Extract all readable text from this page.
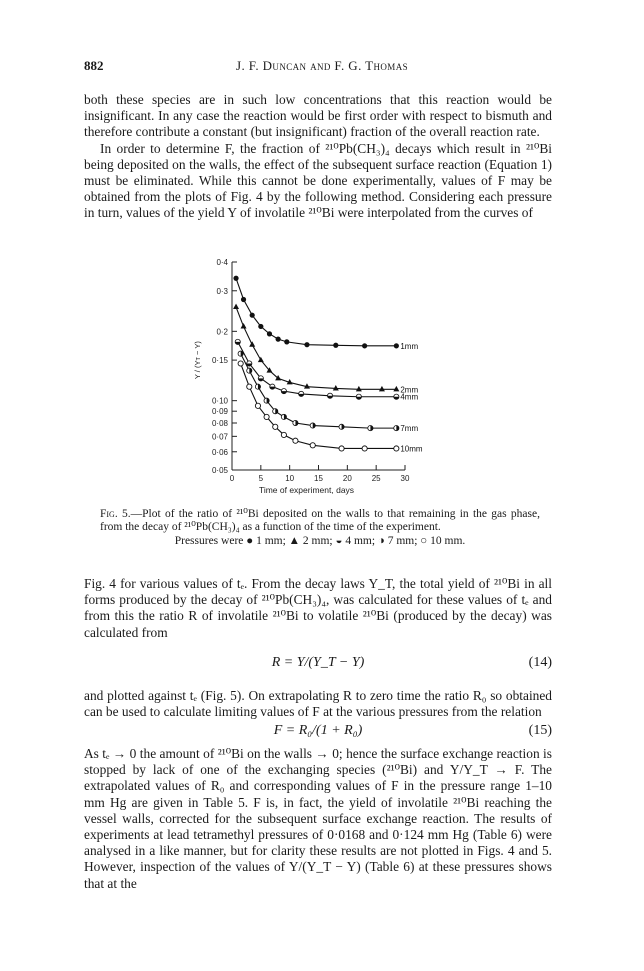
882	J. F. Duncan and F. G. Thomas

both these species are in such low concentrations that this reaction would be insignificant. In any case the reaction would be first order with respect to bismuth and therefore contribute a constant (but insignificant) fraction of the overall reaction rate.

In order to determine F, the fraction of ²¹⁰Pb(CH₃)₄ decays which result in ²¹⁰Bi being deposited on the walls, the effect of the subsequent surface reaction (Equation 1) must be eliminated. While this cannot be done experimentally, values of F may be obtained from the plots of Fig. 4 by the following method. Considering each pressure in turn, values of the yield Y of involatile ²¹⁰Bi were interpolated from the curves of

0·05
0·06
0·07
0·08
0·09
0·10
0·15
0·2
0·3
0·4
0	5	10 15 20 25 30
1mm
2mm
4mm
7mm
10mm
Time of experiment, days
Y / (Yт − Y)
Fig. 5.—Plot of the ratio of ²¹⁰Bi deposited on the walls to that remaining in the gas phase, from the decay of ²¹⁰Pb(CH₃)₄ as a function of the time of the experiment.
Pressures were ● 1 mm; ▲ 2 mm; ◒ 4 mm; ◑ 7 mm; ○ 10 mm.
Fig. 4 for various values of tₑ. From the decay laws Y_T, the total yield of ²¹⁰Bi in all forms produced by the decay of ²¹⁰Pb(CH₃)₄, was calculated for these values of tₑ and from this the ratio R of involatile ²¹⁰Bi to volatile ²¹⁰Bi (produced by the decay) was calculated from
R = Y/(Y_T − Y)	(14)
and plotted against tₑ (Fig. 5). On extrapolating R to zero time the ratio R₀ so obtained can be used to calculate limiting values of F at the various pressures from the relation
F = R₀/(1 + R₀)	(15)
As tₑ → 0 the amount of ²¹⁰Bi on the walls → 0; hence the surface exchange reaction is stopped by lack of one of the exchanging species (²¹⁰Bi) and Y/Y_T → F. The extrapolated values of R₀ and corresponding values of F in the pressure range 1–10 mm Hg are given in Table 5. F is, in fact, the yield of involatile ²¹⁰Bi reaching the vessel walls, corrected for the subsequent surface exchange reaction. The results of experiments at lead tetramethyl pressures of 0·0168 and 0·124 mm Hg (Table 6) were analysed in a like manner, but for clarity these results are not plotted in Figs. 4 and 5. However, inspection of the values of Y/(Y_T − Y) (Table 6) at these pressures shows that at the
